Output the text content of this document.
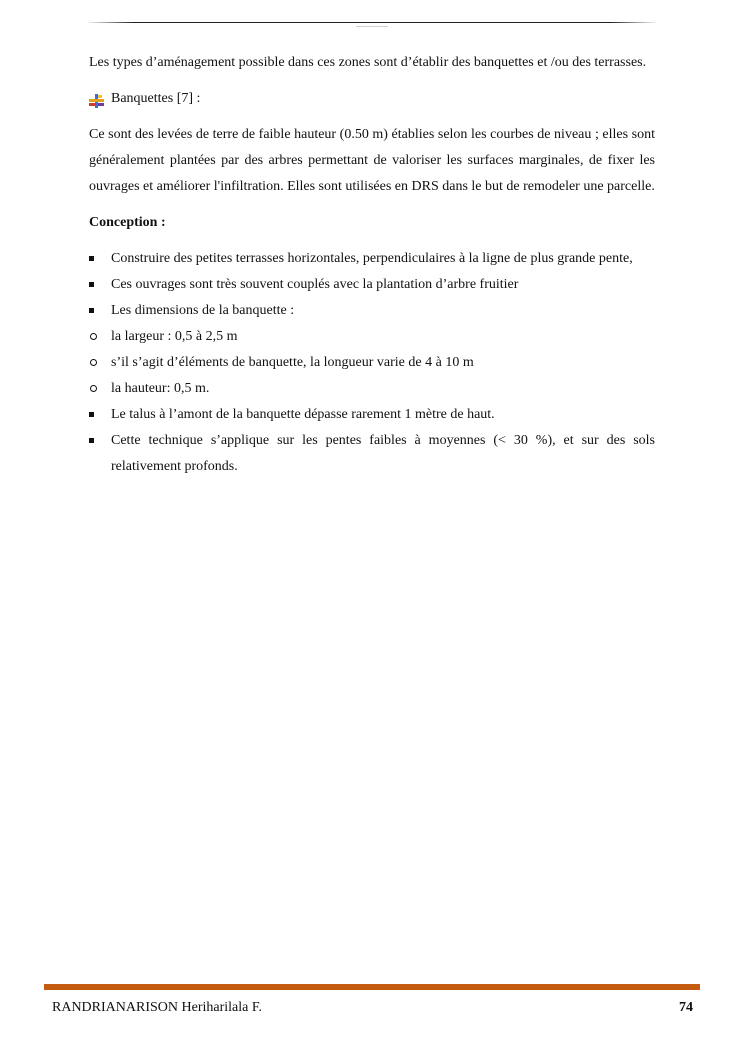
Les types d’aménagement possible dans ces zones sont d’établir des banquettes et /ou des terrasses.

Banquettes [7] :

Ce sont des levées de terre de faible hauteur (0.50 m) établies selon les courbes de niveau ; elles sont généralement plantées par des arbres permettant de valoriser les surfaces marginales, de fixer les ouvrages et améliorer l'infiltration. Elles sont utilisées en DRS dans le but de remodeler une parcelle.

Conception :

Construire des petites terrasses horizontales, perpendiculaires à la ligne de plus grande pente,
Ces ouvrages sont très souvent couplés avec la plantation d’arbre fruitier
Les dimensions de la banquette :
la largeur : 0,5 à 2,5 m
s’il s’agit d’éléments de banquette, la longueur varie de 4 à 10 m
la hauteur: 0,5 m.
Le talus à l’amont de la banquette dépasse rarement 1 mètre de haut.
Cette technique s’applique sur les pentes faibles à moyennes (< 30 %), et sur des sols relativement profonds.
RANDRIANARISON Heriharilala F.	74
